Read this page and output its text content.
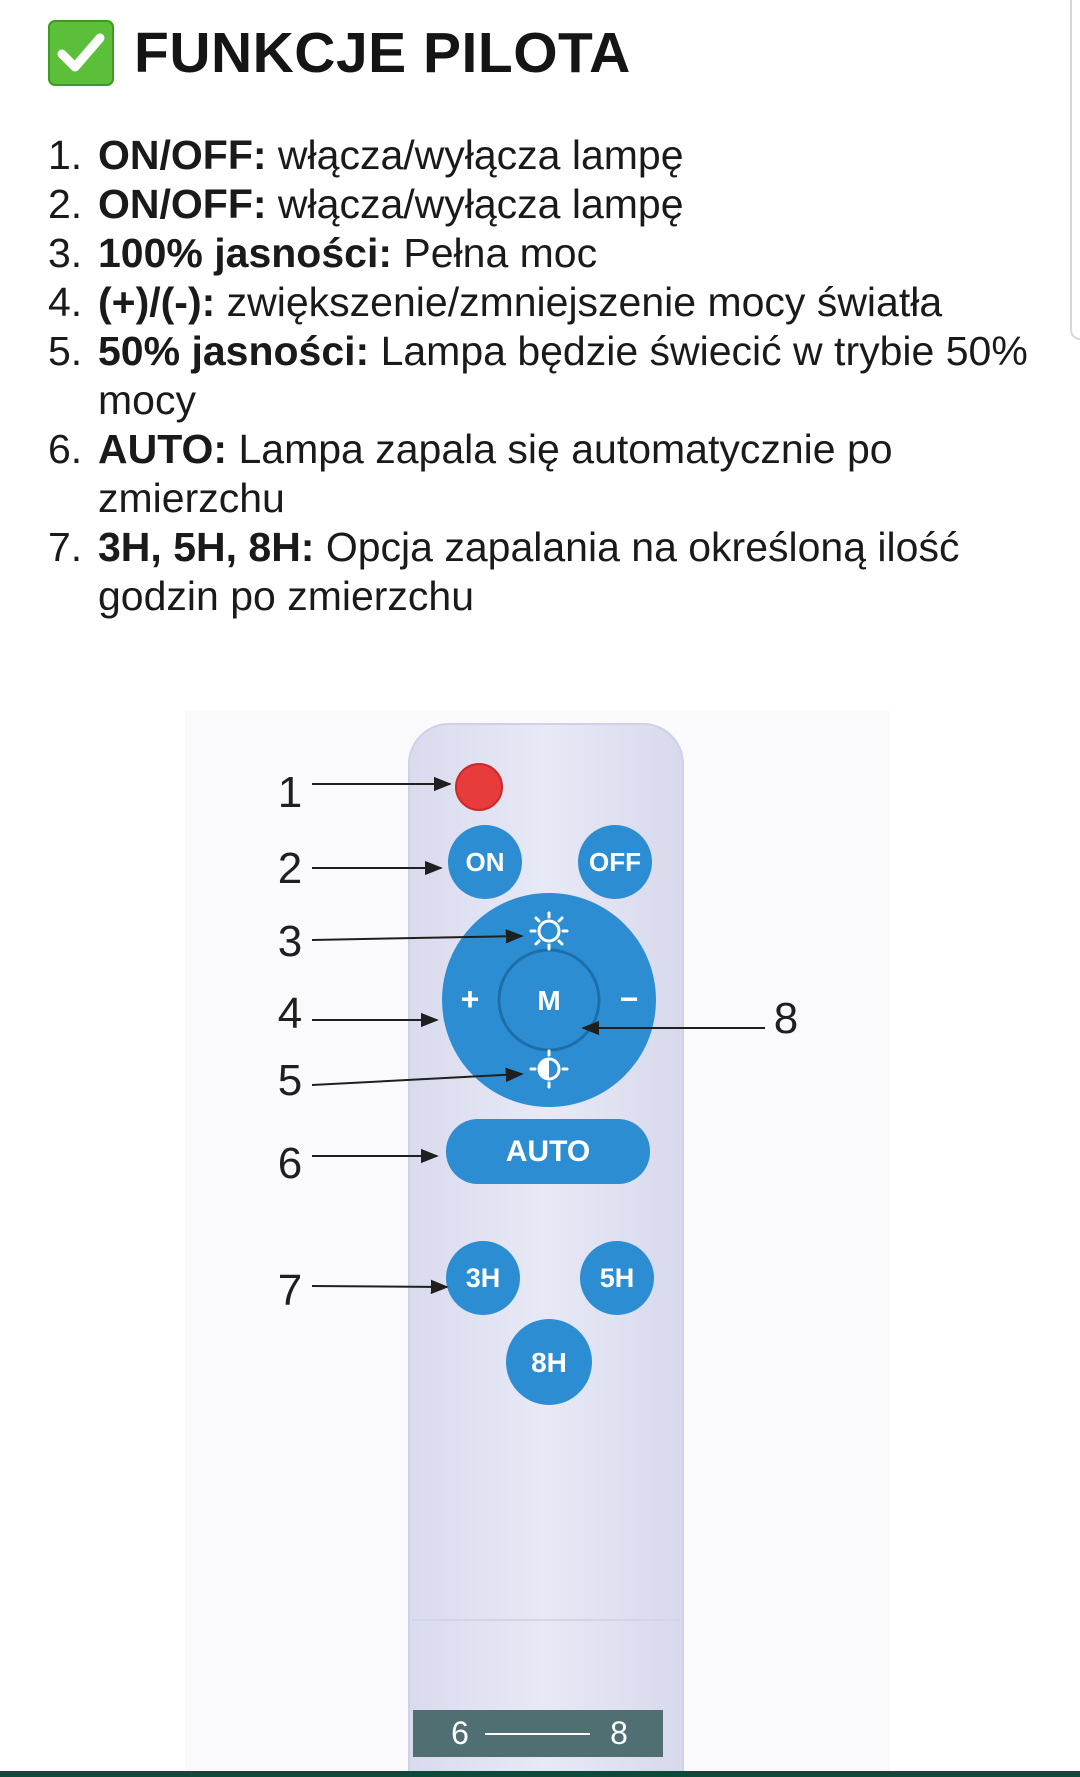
FUNKCJE PILOTA
1. ON/OFF: włącza/wyłącza lampę
2. ON/OFF: włącza/wyłącza lampę
3. 100% jasności: Pełna moc
4. (+)/(-): zwiększenie/zmniejszenie mocy światła
5. 50% jasności: Lampa będzie świecić w trybie 50% mocy
6. AUTO: Lampa zapala się automatycznie po zmierzchu
7. 3H, 5H, 8H: Opcja zapalania na określoną ilość godzin po zmierzchu
ON	OFF
M
+	−
AUTO
3H	5H
8H
1
2
3
4
5
6
7
8
6	8
